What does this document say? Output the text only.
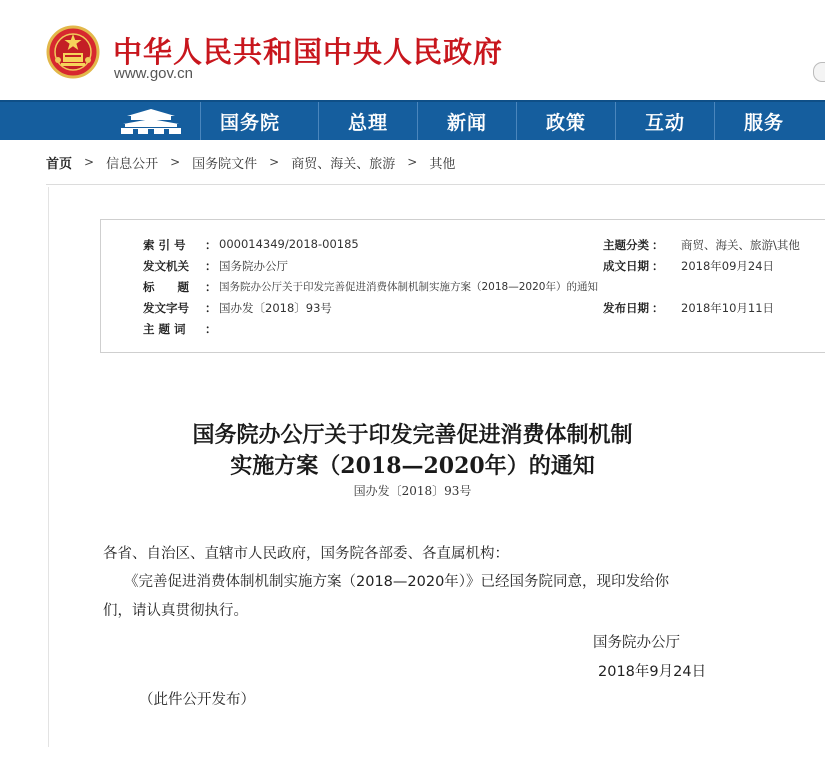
中华人民共和国中央人民政府
www.gov.cn
国务院	总理	新闻	政策	互动	服务
首页 > 信息公开 > 国务院文件 > 商贸、海关、旅游 > 其他
索 引 号 ： 000014349/2018-00185	主题分类 ： 商贸、海关、旅游\其他
发文机关 ： 国务院办公厅	成文日期 ： 2018年09月24日
标　　题 ： 国务院办公厅关于印发完善促进消费体制机制实施方案（2018—2020年）的通知
发文字号 ： 国办发〔2018〕93号	发布日期 ： 2018年10月11日
主 题 词 ：
国务院办公厅关于印发完善促进消费体制机制
实施方案（2018—2020年）的通知
国办发〔2018〕93号
各省、自治区、直辖市人民政府，国务院各部委、各直属机构：
《完善促进消费体制机制实施方案（2018—2020年）》已经国务院同意，现印发给你
们，请认真贯彻执行。
国务院办公厅
2018年9月24日
（此件公开发布）
